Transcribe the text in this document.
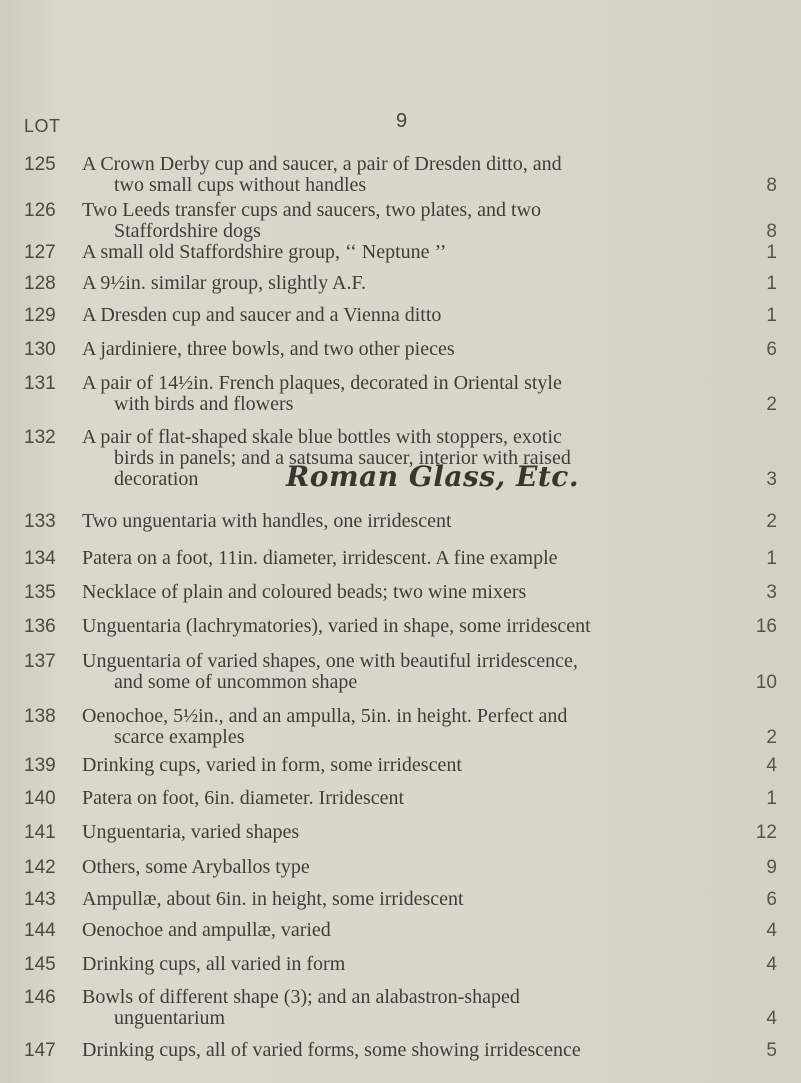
LOT	9
125	A Crown Derby cup and saucer, a pair of Dresden ditto, and
two small cups without handles	8
126	Two Leeds transfer cups and saucers, two plates, and two
Staffordshire dogs	8
127	A small old Staffordshire group, ‘‘ Neptune ’’	1
128	A 9½in. similar group, slightly A.F.	1
129	A Dresden cup and saucer and a Vienna ditto	1
130	A jardiniere, three bowls, and two other pieces	6
131	A pair of 14½in. French plaques, decorated in Oriental style
with birds and flowers	2
132	A pair of flat-shaped skale blue bottles with stoppers, exotic
birds in panels; and a satsuma saucer, interior with raised
decoration	3
133	Two unguentaria with handles, one irridescent	2
134	Patera on a foot, 11in. diameter, irridescent. A fine example	1
135	Necklace of plain and coloured beads; two wine mixers	3
136	Unguentaria (lachrymatories), varied in shape, some irridescent	16
137	Unguentaria of varied shapes, one with beautiful irridescence,
and some of uncommon shape	10
138	Oenochoe, 5½in., and an ampulla, 5in. in height. Perfect and
scarce examples	2
139	Drinking cups, varied in form, some irridescent	4
140	Patera on foot, 6in. diameter. Irridescent	1
141	Unguentaria, varied shapes	12
142	Others, some Aryballos type	9
143	Ampullæ, about 6in. in height, some irridescent	6
144	Oenochoe and ampullæ, varied	4
145	Drinking cups, all varied in form	4
146	Bowls of different shape (3); and an alabastron-shaped
unguentarium	4
147	Drinking cups, all of varied forms, some showing irridescence	5
Roman Glass, Etc.
